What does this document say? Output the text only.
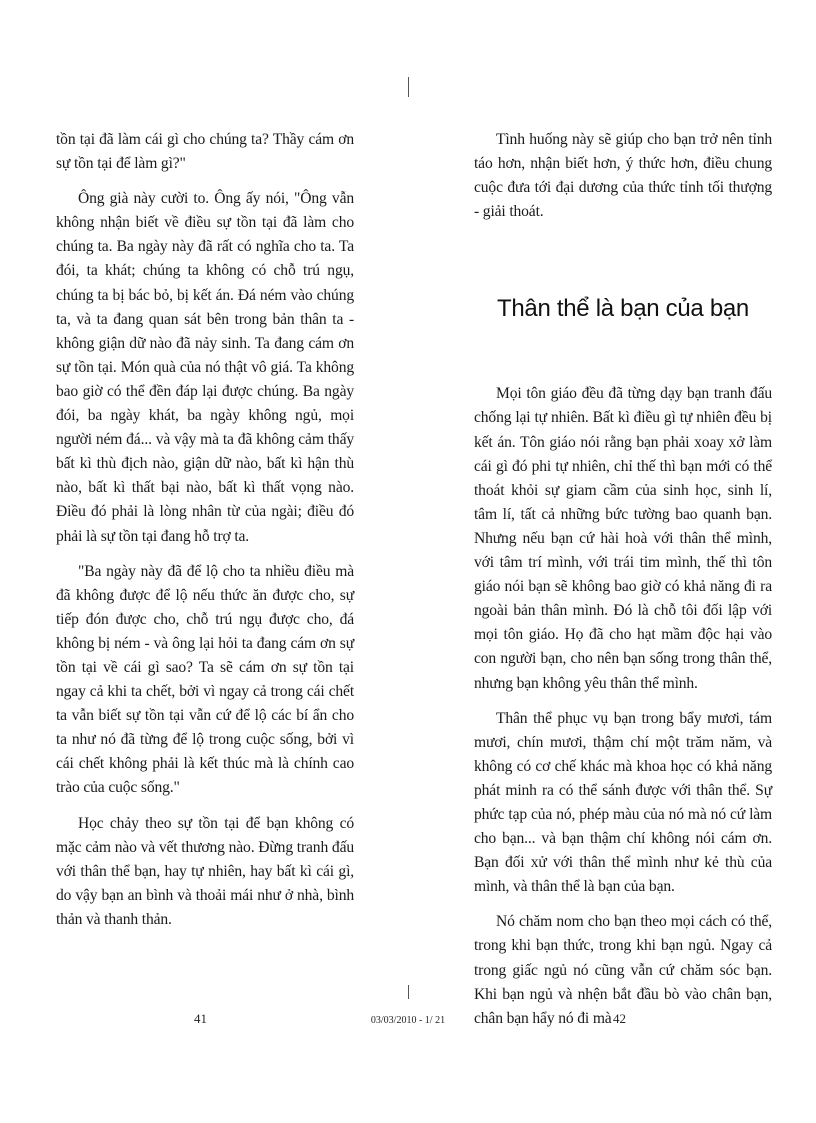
tồn tại đã làm cái gì cho chúng ta? Thầy cám ơn sự tồn tại để làm gì?"

Ông già này cười to. Ông ấy nói, "Ông vẫn không nhận biết về điều sự tồn tại đã làm cho chúng ta. Ba ngày này đã rất có nghĩa cho ta. Ta đói, ta khát; chúng ta không có chỗ trú ngụ, chúng ta bị bác bỏ, bị kết án. Đá ném vào chúng ta, và ta đang quan sát bên trong bản thân ta - không giận dữ nào đã nảy sinh. Ta đang cám ơn sự tồn tại. Món quà của nó thật vô giá. Ta không bao giờ có thể đền đáp lại được chúng. Ba ngày đói, ba ngày khát, ba ngày không ngủ, mọi người ném đá... và vậy mà ta đã không cảm thấy bất kì thù địch nào, giận dữ nào, bất kì hận thù nào, bất kì thất bại nào, bất kì thất vọng nào. Điều đó phải là lòng nhân từ của ngài; điều đó phải là sự tồn tại đang hỗ trợ ta.

"Ba ngày này đã để lộ cho ta nhiều điều mà đã không được để lộ nếu thức ăn được cho, sự tiếp đón được cho, chỗ trú ngụ được cho, đá không bị ném - và ông lại hỏi ta đang cám ơn sự tồn tại về cái gì sao? Ta sẽ cám ơn sự tồn tại ngay cả khi ta chết, bởi vì ngay cả trong cái chết ta vẫn biết sự tồn tại vẫn cứ để lộ các bí ẩn cho ta như nó đã từng để lộ trong cuộc sống, bởi vì cái chết không phải là kết thúc mà là chính cao trào của cuộc sống."

Học chảy theo sự tồn tại để bạn không có mặc cảm nào và vết thương nào. Đừng tranh đấu với thân thể bạn, hay tự nhiên, hay bất kì cái gì, do vậy bạn an bình và thoải mái như ở nhà, bình thản và thanh thản.

Tình huống này sẽ giúp cho bạn trở nên tỉnh táo hơn, nhận biết hơn, ý thức hơn, điều chung cuộc đưa tới đại dương của thức tỉnh tối thượng - giải thoát.

Thân thể là bạn của bạn

Mọi tôn giáo đều đã từng dạy bạn tranh đấu chống lại tự nhiên. Bất kì điều gì tự nhiên đều bị kết án. Tôn giáo nói rằng bạn phải xoay xở làm cái gì đó phi tự nhiên, chỉ thế thì bạn mới có thể thoát khỏi sự giam cầm của sinh học, sinh lí, tâm lí, tất cả những bức tường bao quanh bạn. Nhưng nếu bạn cứ hài hoà với thân thể mình, với tâm trí mình, với trái tim mình, thế thì tôn giáo nói bạn sẽ không bao giờ có khả năng đi ra ngoài bản thân mình. Đó là chỗ tôi đối lập với mọi tôn giáo. Họ đã cho hạt mầm độc hại vào con người bạn, cho nên bạn sống trong thân thể, nhưng bạn không yêu thân thể mình.

Thân thể phục vụ bạn trong bẩy mươi, tám mươi, chín mươi, thậm chí một trăm năm, và không có cơ chế khác mà khoa học có khả năng phát minh ra có thể sánh được với thân thể. Sự phức tạp của nó, phép màu của nó mà nó cứ làm cho bạn... và bạn thậm chí không nói cám ơn. Bạn đối xử với thân thể mình như kẻ thù của mình, và thân thể là bạn của bạn.

Nó chăm nom cho bạn theo mọi cách có thể, trong khi bạn thức, trong khi bạn ngủ. Ngay cả trong giấc ngủ nó cũng vẫn cứ chăm sóc bạn. Khi bạn ngủ và nhện bắt đầu bò vào chân bạn, chân bạn hẩy nó đi mà

41	03/03/2010 - 1/ 21	42
